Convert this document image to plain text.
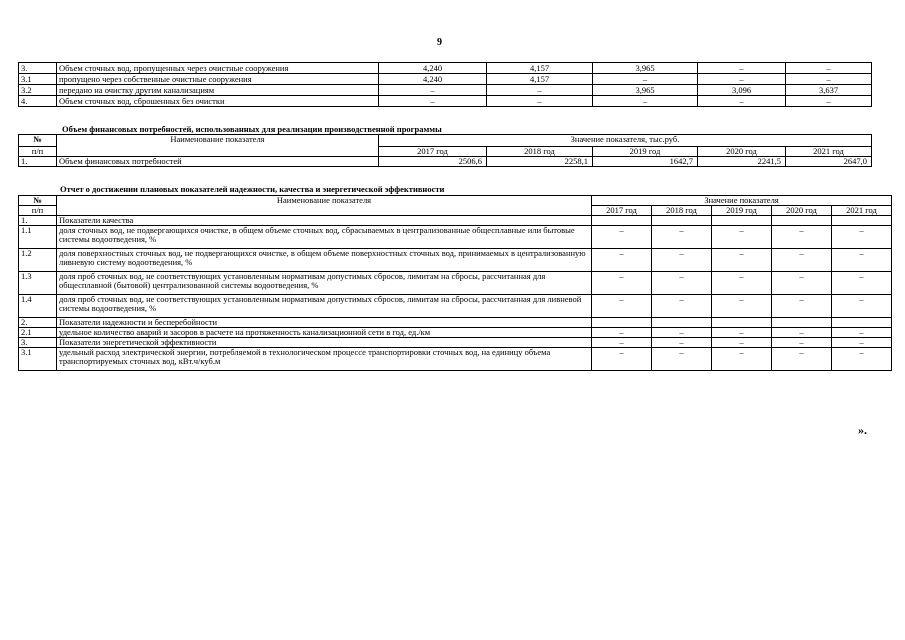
9
3.	Объем сточных вод, пропущенных через очистные сооружения	4,240	4,157	3,965	–	–
3.1	пропущено через собственные очистные сооружения	4,240	4,157	–	–	–
3.2	передано на очистку другим канализациям	–	–	3,965	3,096	3,637
4.	Объем сточных вод, сброшенных без очистки	–	–	–	–	–
Объем финансовых потребностей, использованных для реализации производственной программы
№	Наименование показателя	Значение показателя, тыс.руб.				
п/п		2017 год	2018 год	2019 год	2020 год	2021 год
1.	Объем финансовых потребностей	2506,6	2258,1	1642,7	2241,5	2647,0
Отчет о достижении плановых показателей надежности, качества и энергетической эффективности
№	Наименование показателя	Значение показателя				
п/п		2017 год	2018 год	2019 год	2020 год	2021 год
1.	Показатели качества					
1.1	доля сточных вод, не подвергающихся очистке, в общем объеме сточных вод, сбрасываемых в централизованные общесплавные или бытовые системы водоотведения, %	–	–	–	–	–
1.2	доля поверхностных сточных вод, не подвергающихся очистке, в общем объеме поверхностных сточных вод, принимаемых в централизованную ливневую систему водоотведения, %	–	–	–	–	–
1.3	доля проб сточных вод, не соответствующих установленным нормативам допустимых сбросов, лимитам на сбросы, рассчитанная для общесплавной (бытовой) централизованной системы водоотведения, %	–	–	–	–	–
1.4	доля проб сточных вод, не соответствующих установленным нормативам допустимых сбросов, лимитам на сбросы, рассчитанная для ливневой системы водоотведения, %	–	–	–	–	–
2.	Показатели надежности и бесперебойности					
2.1	удельное количество аварий и засоров в расчете на протяженность канализационной сети в год, ед./км	–	–	–	–	–
3.	Показатели энергетической эффективности	–	–	–	–	–
3.1	удельный расход электрической энергии, потребляемой в технологическом процессе транспортировки сточных вод, на единицу объема транспортируемых сточных вод, кВт.ч/куб.м	–	–	–	–	–
».
